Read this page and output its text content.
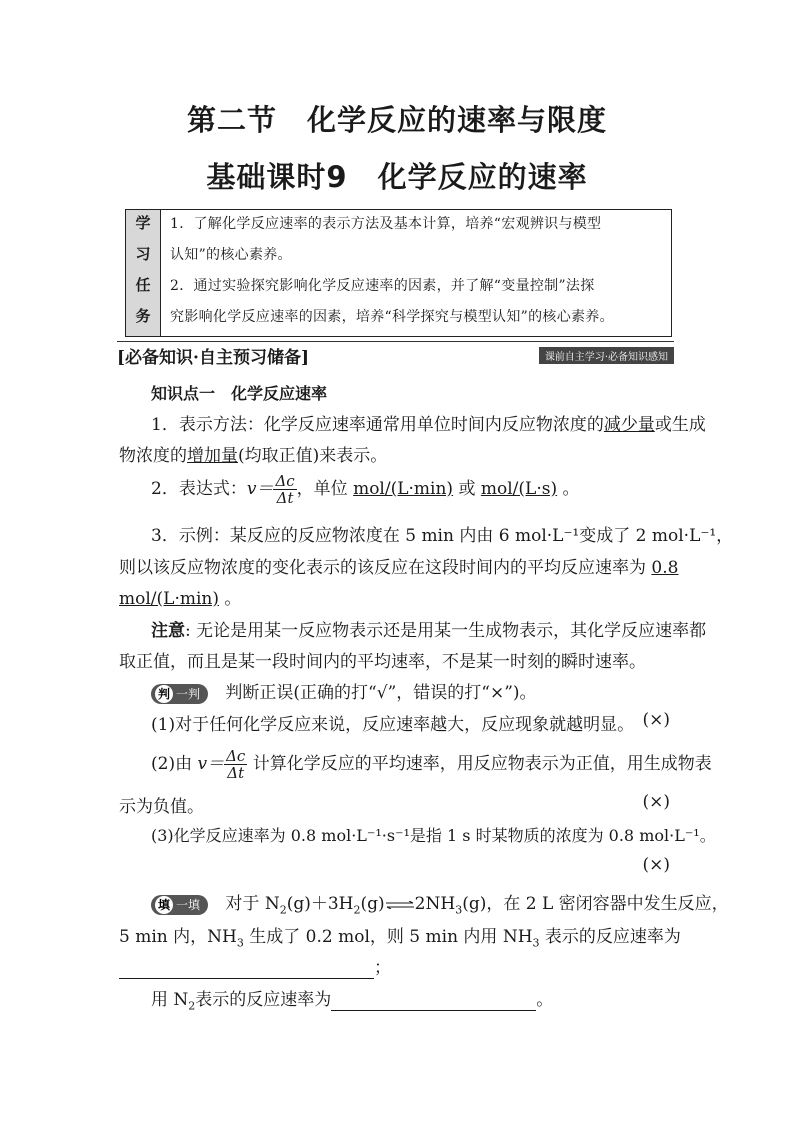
第二节　化学反应的速率与限度
基础课时9　化学反应的速率
学
习
任
务
1．了解化学反应速率的表示方法及基本计算，培养“宏观辨识与模型
认知”的核心素养。
2．通过实验探究影响化学反应速率的因素，并了解“变量控制”法探
究影响化学反应速率的因素，培养“科学探究与模型认知”的核心素养。
[必备知识·自主预习储备]	课前自主学习·必备知识感知
知识点一　化学反应速率
1．表示方法：化学反应速率通常用单位时间内反应物浓度的减少量或生成
物浓度的增加量(均取正值)来表示。
2．表达式：$v= \frac{\Delta c}{\Delta t}$ ，单位 mol/(L·min) 或 mol/(L·s) 。
3．示例：某反应的反应物浓度在 5 min 内由 6 mol·L⁻¹变成了 2 mol·L⁻¹，
则以该反应物浓度的变化表示的该反应在这段时间内的平均反应速率为 0.8
mol/(L·min) 。
注意: 无论是用某一反应物表示还是用某一生成物表示，其化学反应速率都
取正值，而且是某一段时间内的平均速率，不是某一时刻的瞬时速率。
判 一判 判断正误(正确的打“√”，错误的打“×”)。
(1)对于任何化学反应来说，反应速率越大，反应现象就越明显。 (×)
(2)由 $v= \frac{\Delta c}{\Delta t}$ 计算化学反应的平均速率，用反应物表示为正值，用生成物表
示为负值。	(×)
(3)化学反应速率为 0.8 mol·L⁻¹·s⁻¹是指 1 s 时某物质的浓度为 0.8 mol·L⁻¹。
(×)
填 一填 对于 $N_2(g)+3H_2(g)\rightleftharpoons 2NH_3(g)$，在 2 L 密闭容器中发生反应，
5 min 内，$NH_3$ 生成了 0.2 mol，则 5 min 内用 $NH_3$ 表示的反应速率为
；
用 $N_2$表示的反应速率为	。
